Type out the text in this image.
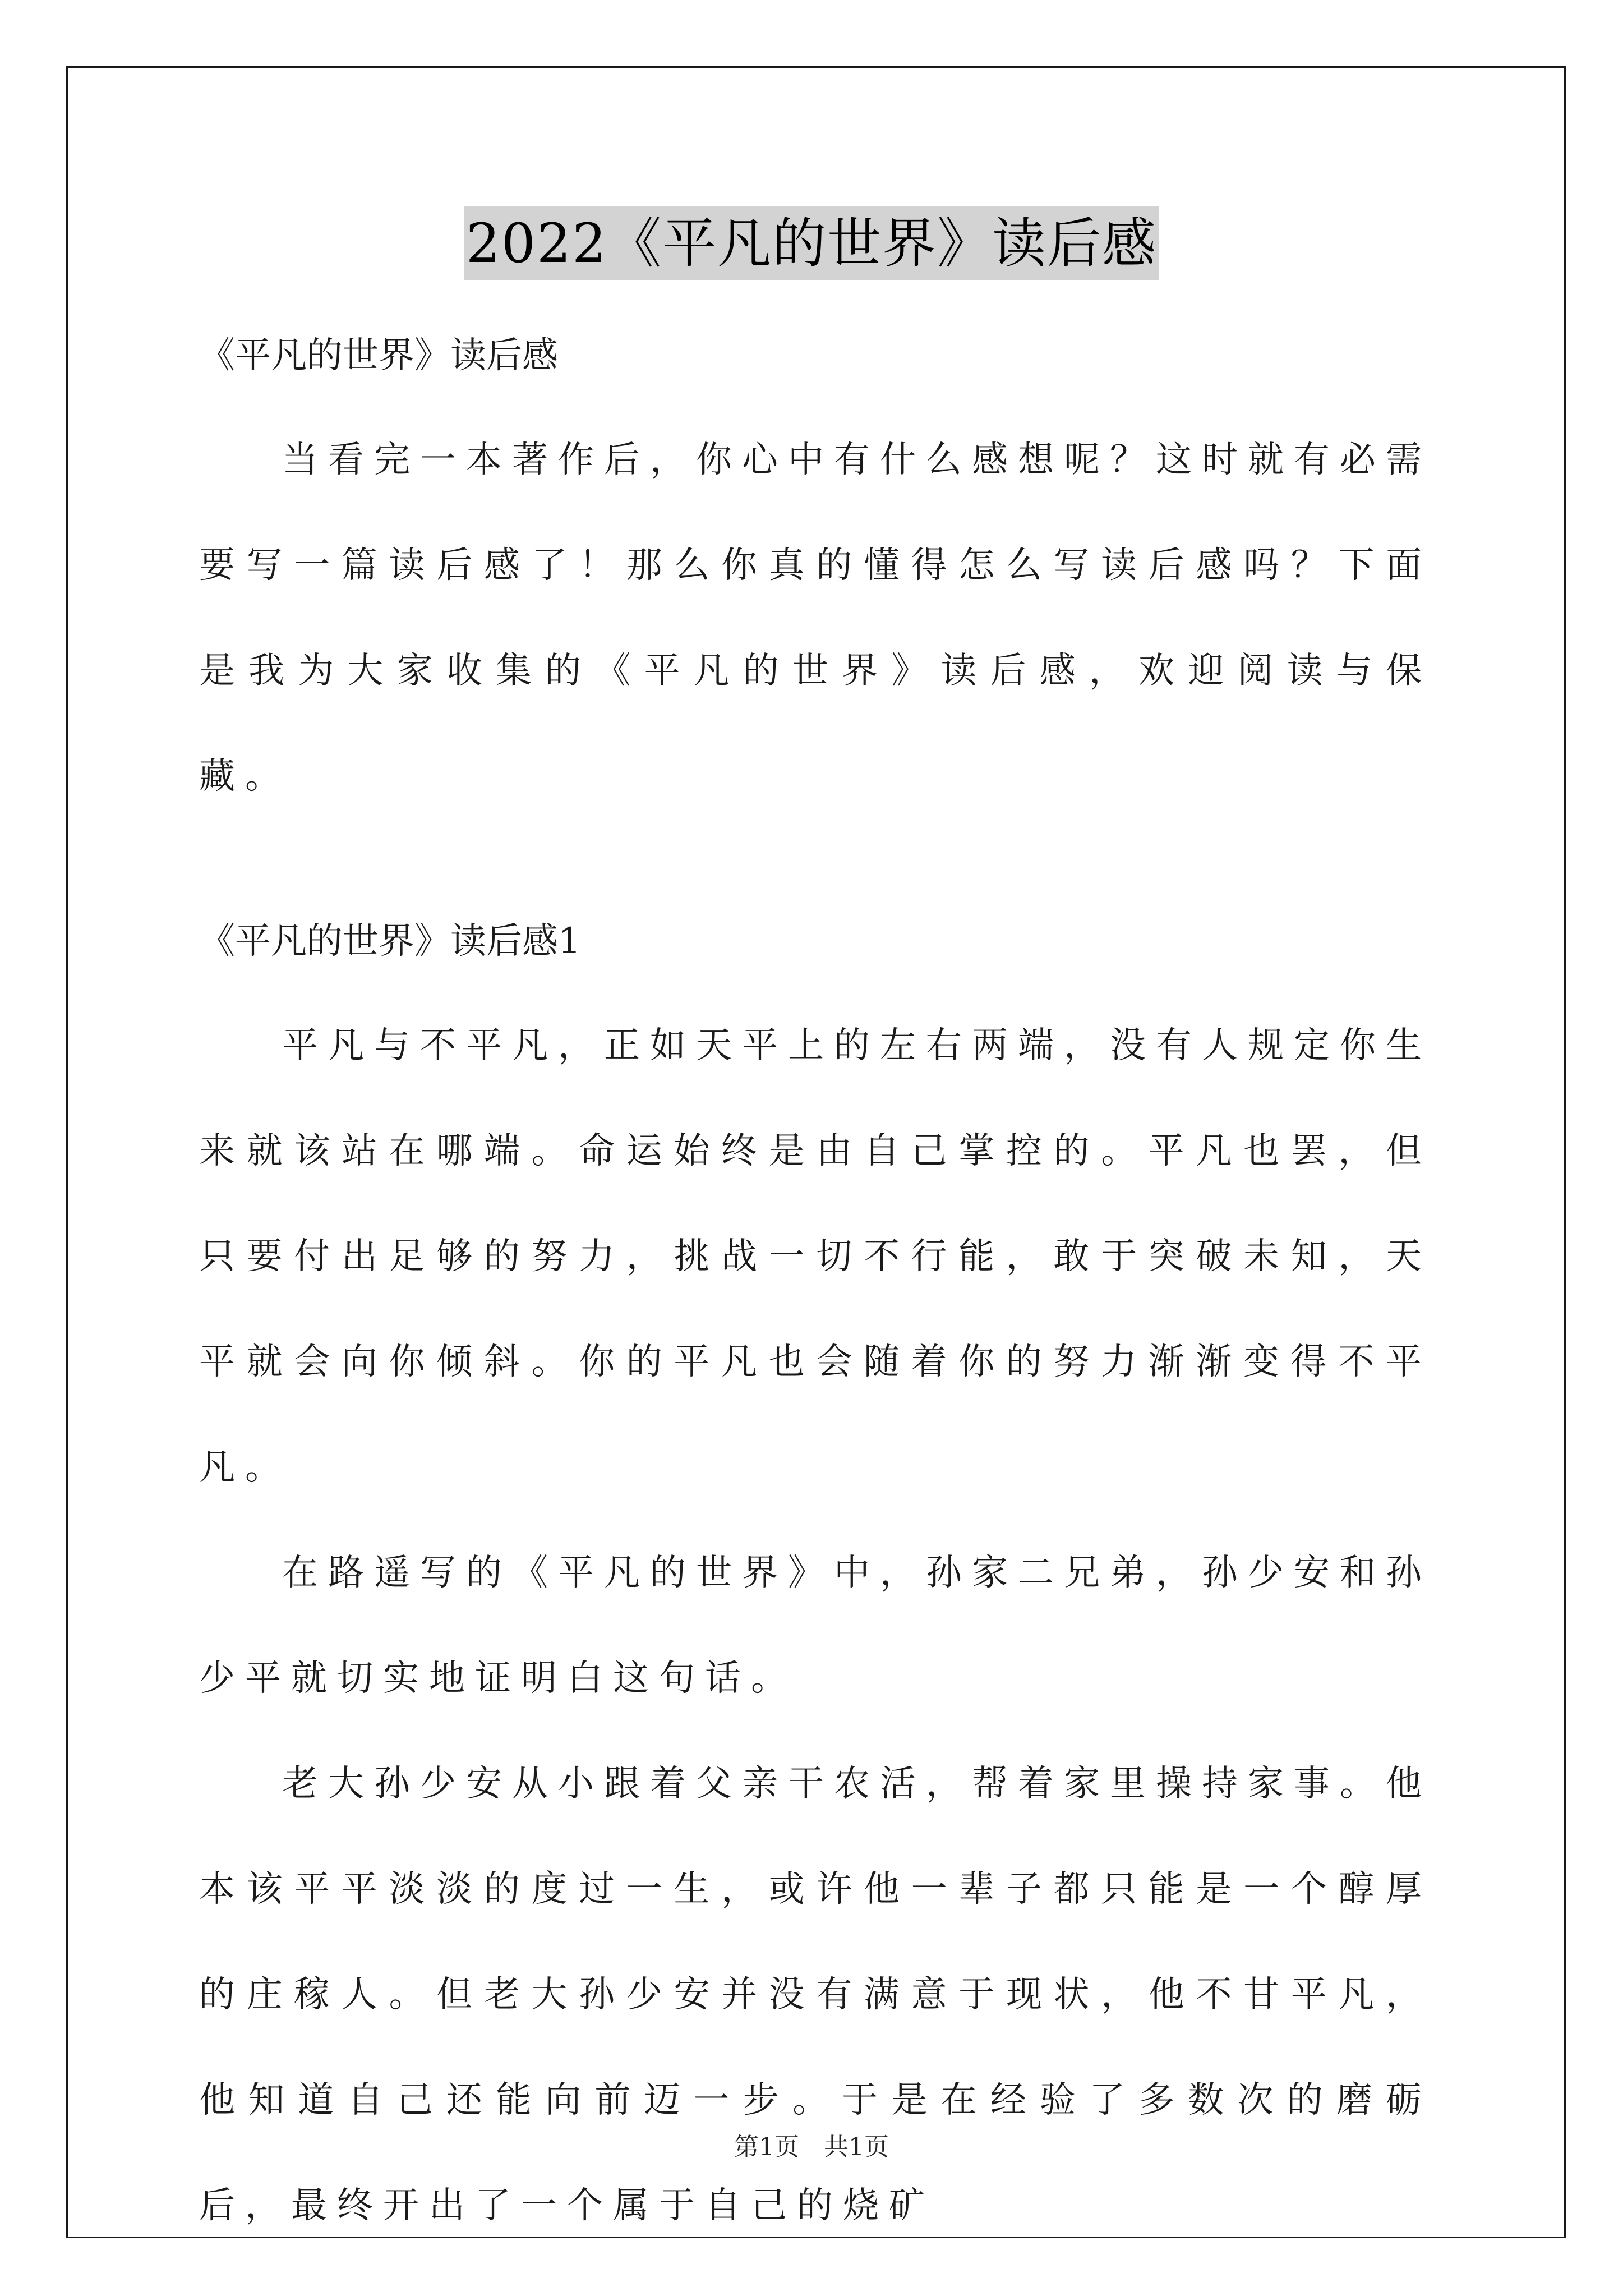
2022《平凡的世界》读后感

《平凡的世界》读后感

当看完一本著作后，你心中有什么感想呢？这时就有必需要写一篇读后感了！那么你真的懂得怎么写读后感吗？下面是我为大家收集的《平凡的世界》读后感，欢迎阅读与保藏。

《平凡的世界》读后感1

平凡与不平凡，正如天平上的左右两端，没有人规定你生来就该站在哪端。命运始终是由自己掌控的。平凡也罢，但只要付出足够的努力，挑战一切不行能，敢于突破未知，天平就会向你倾斜。你的平凡也会随着你的努力渐渐变得不平凡。

在路遥写的《平凡的世界》中，孙家二兄弟，孙少安和孙少平就切实地证明白这句话。

老大孙少安从小跟着父亲干农活，帮着家里操持家事。他本该平平淡淡的度过一生，或许他一辈子都只能是一个醇厚的庄稼人。但老大孙少安并没有满意于现状，他不甘平凡，他知道自己还能向前迈一步。于是在经验了多数次的磨砺后，最终开出了一个属于自己的烧矿

第1页　共1页
